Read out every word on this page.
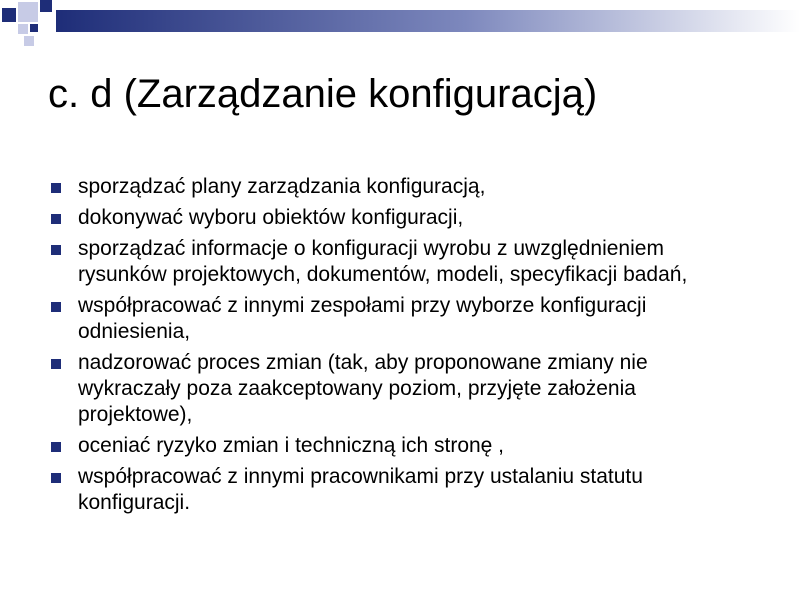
c. d (Zarządzanie konfiguracją)
sporządzać plany zarządzania konfiguracją,
dokonywać wyboru obiektów konfiguracji,
sporządzać informacje o konfiguracji wyrobu z uwzględnieniem rysunków projektowych, dokumentów, modeli, specyfikacji badań,
współpracować z innymi zespołami przy wyborze konfiguracji odniesienia,
nadzorować proces zmian (tak, aby proponowane zmiany nie wykraczały poza zaakceptowany poziom, przyjęte założenia projektowe),
oceniać ryzyko zmian i techniczną ich stronę ,
współpracować z innymi pracownikami przy ustalaniu statutu konfiguracji.
